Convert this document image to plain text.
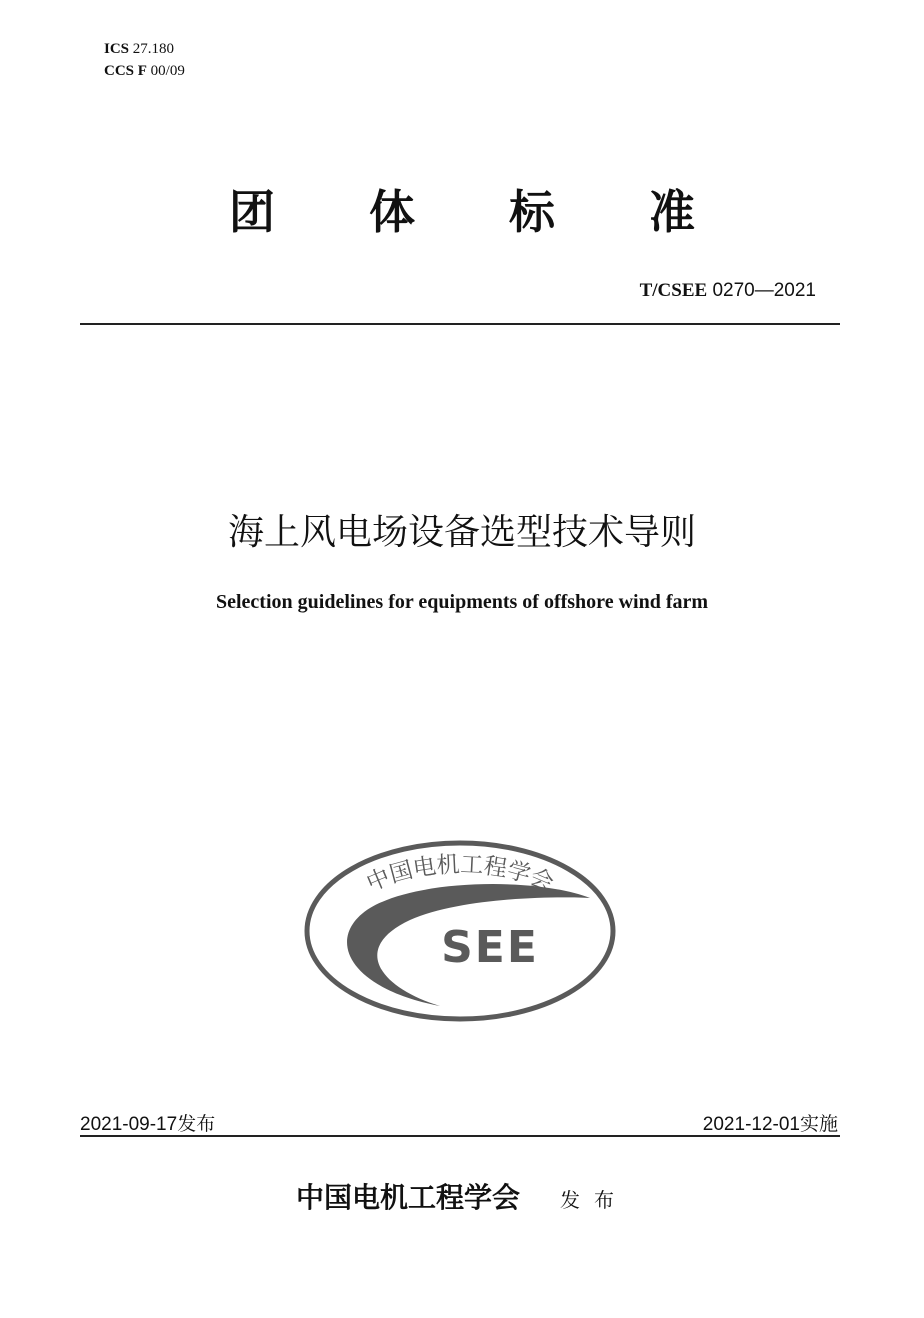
ICS 27.180
CCS F 00/09
团 体 标 准
T/CSEE 0270—2021
海上风电场设备选型技术导则
Selection guidelines for equipments of offshore wind farm
中国电机工程学会
SEE
2021-09-17发布	2021-12-01实施
中国电机工程学会 发布
